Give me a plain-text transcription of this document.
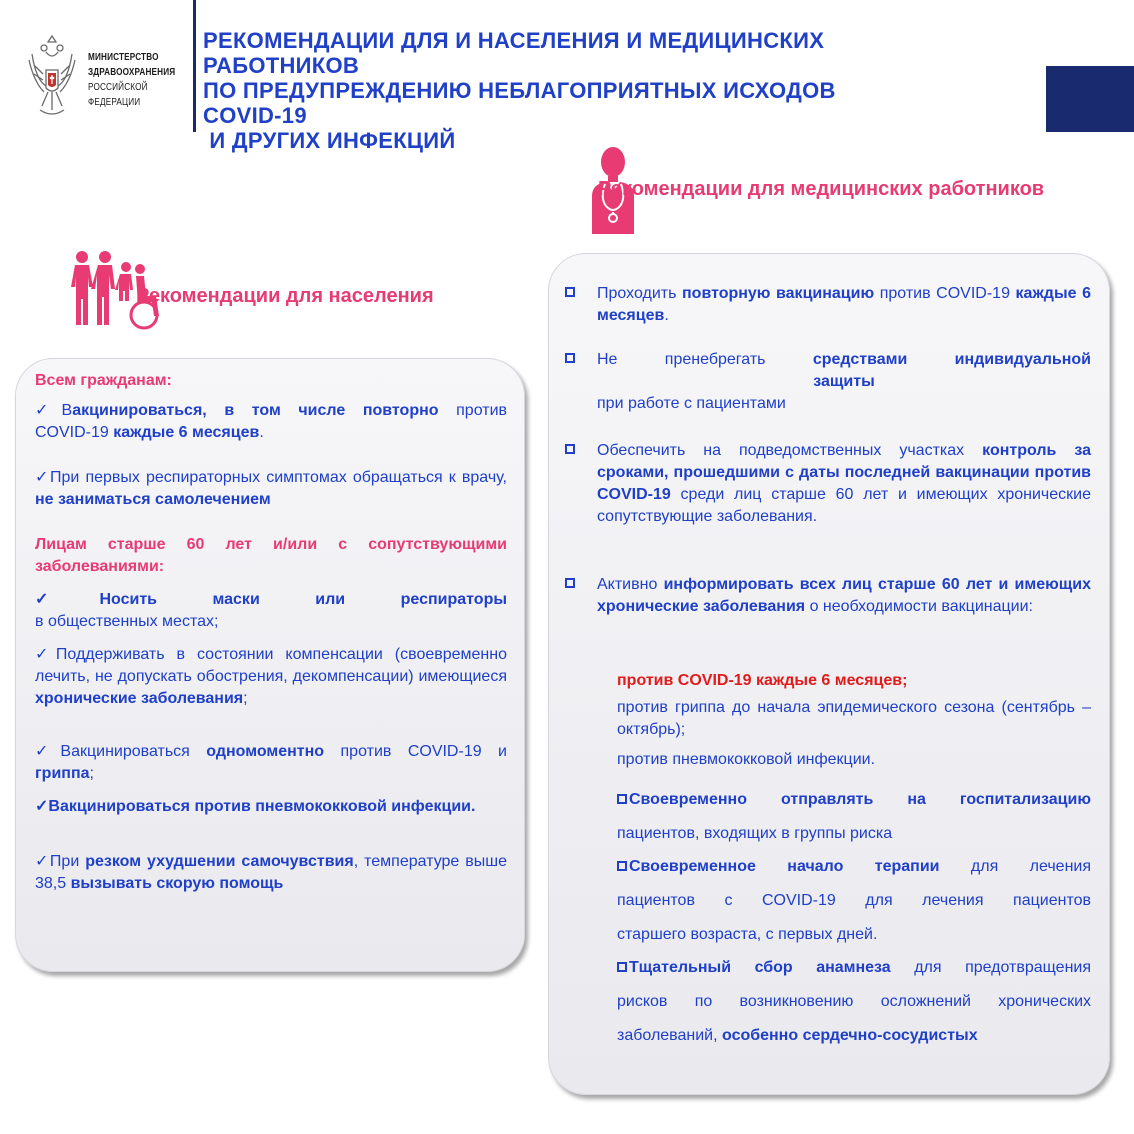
МИНИСТЕРСТВО
ЗДРАВООХРАНЕНИЯ
РОССИЙСКОЙ ФЕДЕРАЦИИ
РЕКОМЕНДАЦИИ ДЛЯ И НАСЕЛЕНИЯ И МЕДИЦИНСКИХ
РАБОТНИКОВ
ПО ПРЕДУПРЕЖДЕНИЮ НЕБЛАГОПРИЯТНЫХ ИСХОДОВ
COVID-19
И ДРУГИХ ИНФЕКЦИЙ
Рекомендации для населения
Рекомендации для медицинских работников
Всем гражданам:
✓Вакцинироваться, в том числе повторно против
COVID-19 каждые 6 месяцев.
✓При первых респираторных симптомах обращаться к врачу, не заниматься самолечением
Лицам старше 60 лет и/или с сопутствующими заболеваниями:
✓Носить маски или респираторы
в общественных местах;
✓Поддерживать в состоянии компенсации (своевременно лечить, не допускать обострения, декомпенсации) имеющиеся хронические заболевания;
✓Вакцинироваться одномоментно против COVID-19 и гриппа;
✓Вакцинироваться против пневмококковой инфекции.
✓При резком ухудшении самочувствия, температуре выше 38,5 вызывать скорую помощь
Проходить повторную вакцинацию против COVID-19 каждые 6 месяцев.
Не пренебрегать средствами индивидуальной
защиты
при работе с пациентами
Обеспечить на подведомственных участках контроль за сроками, прошедшими с даты последней вакцинации против COVID-19 среди лиц старше 60 лет и имеющих хронические сопутствующие заболевания.
Активно информировать всех лиц старше 60 лет и имеющих хронические заболевания о необходимости вакцинации:
против COVID-19 каждые 6 месяцев;
против гриппа до начала эпидемического сезона (сентябрь – октябрь);
против пневмококковой инфекции.
Своевременно отправлять на госпитализацию
пациентов, входящих в группы риска
Своевременное начало терапии для лечения
пациентов с COVID-19 для лечения пациентов
старшего возраста, с первых дней.
Тщательный сбор анамнеза для предотвращения
рисков по возникновению осложнений хронических
заболеваний, особенно сердечно-сосудистых
